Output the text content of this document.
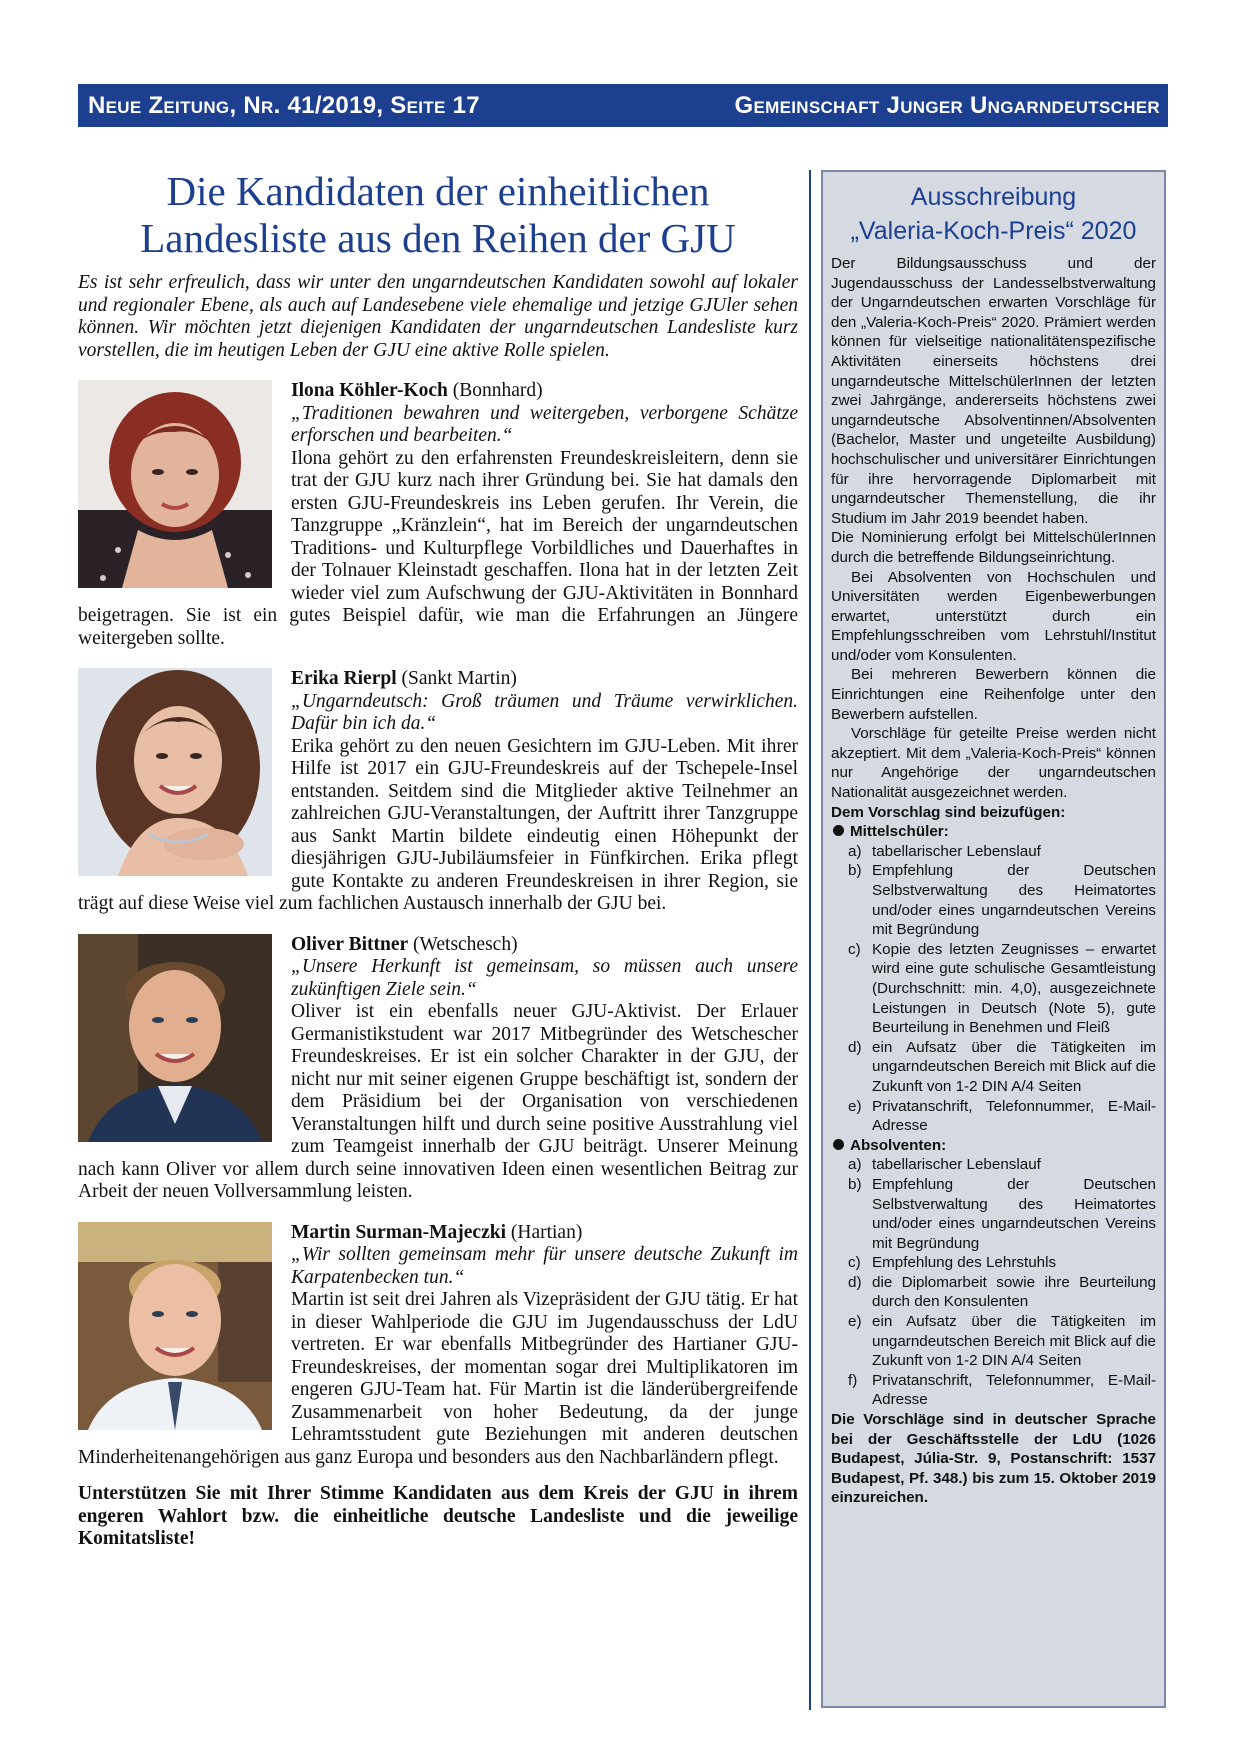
Neue Zeitung, Nr. 41/2019, Seite 17	Gemeinschaft Junger Ungarndeutscher
Die Kandidaten der einheitlichen
Landesliste aus den Reihen der GJU

Es ist sehr erfreulich, dass wir unter den ungarndeutschen Kandidaten sowohl auf lokaler und regionaler Ebene, als auch auf Landesebene viele ehemalige und jetzige GJUler sehen können. Wir möchten jetzt diejenigen Kandidaten der ungarndeutschen Landesliste kurz vorstellen, die im heutigen Leben der GJU eine aktive Rolle spielen.

Ilona Köhler-Koch (Bonnhard)
„Traditionen bewahren und weitergeben, verborgene Schätze erforschen und bearbeiten.“
Ilona gehört zu den erfahrensten Freundeskreisleitern, denn sie trat der GJU kurz nach ihrer Gründung bei. Sie hat damals den ersten GJU-Freundeskreis ins Leben gerufen. Ihr Verein, die Tanzgruppe „Kränzlein“, hat im Bereich der ungarndeutschen Traditions- und Kulturpflege Vorbildliches und Dauerhaftes in der Tolnauer Kleinstadt geschaffen. Ilona hat in der letzten Zeit wieder viel zum Aufschwung der GJU-Aktivitäten in Bonnhard beigetragen. Sie ist ein gutes Beispiel dafür, wie man die Erfahrungen an Jüngere weitergeben sollte.
Erika Rierpl (Sankt Martin)
„Ungarndeutsch: Groß träumen und Träume verwirklichen. Dafür bin ich da.“
Erika gehört zu den neuen Gesichtern im GJU-Leben. Mit ihrer Hilfe ist 2017 ein GJU-Freundeskreis auf der Tschepele-Insel entstanden. Seitdem sind die Mitglieder aktive Teilnehmer an zahlreichen GJU-Veranstaltungen, der Auftritt ihrer Tanzgruppe aus Sankt Martin bildete eindeutig einen Höhepunkt der diesjährigen GJU-Jubiläumsfeier in Fünfkirchen. Erika pflegt gute Kontakte zu anderen Freundeskreisen in ihrer Region, sie trägt auf diese Weise viel zum fachlichen Austausch innerhalb der GJU bei.
Oliver Bittner (Wetschesch)
„Unsere Herkunft ist gemeinsam, so müssen auch unsere zukünftigen Ziele sein.“
Oliver ist ein ebenfalls neuer GJU-Aktivist. Der Erlauer Germanistikstudent war 2017 Mitbegründer des Wetschescher Freundeskreises. Er ist ein solcher Charakter in der GJU, der nicht nur mit seiner eigenen Gruppe beschäftigt ist, sondern der dem Präsidium bei der Organisation von verschiedenen Veranstaltungen hilft und durch seine positive Ausstrahlung viel zum Teamgeist innerhalb der GJU beiträgt. Unserer Meinung nach kann Oliver vor allem durch seine innovativen Ideen einen wesentlichen Beitrag zur Arbeit der neuen Vollversammlung leisten.
Martin Surman-Majeczki (Hartian)
„Wir sollten gemeinsam mehr für unsere deutsche Zukunft im Karpatenbecken tun.“
Martin ist seit drei Jahren als Vizepräsident der GJU tätig. Er hat in dieser Wahlperiode die GJU im Jugendausschuss der LdU vertreten. Er war ebenfalls Mitbegründer des Hartianer GJU-Freundeskreises, der momentan sogar drei Multiplikatoren im engeren GJU-Team hat. Für Martin ist die länderübergreifende Zusammenarbeit von hoher Bedeutung, da der junge Lehramtsstudent gute Beziehungen mit anderen deutschen Minderheitenangehörigen aus ganz Europa und besonders aus den Nachbarländern pflegt.

Unterstützen Sie mit Ihrer Stimme Kandidaten aus dem Kreis der GJU in ihrem engeren Wahlort bzw. die einheitliche deutsche Landesliste und die jeweilige Komitatsliste!

Ausschreibung
„Valeria-Koch-Preis“ 2020

Der Bildungsausschuss und der Jugendausschuss der Landesselbstverwaltung der Ungarndeutschen erwarten Vorschläge für den „Valeria-Koch-Preis“ 2020. Prämiert werden können für vielseitige nationalitätenspezifische Aktivitäten einerseits höchstens drei ungarndeutsche MittelschülerInnen der letzten zwei Jahrgänge, andererseits höchstens zwei ungarndeutsche Absolventinnen/Absolventen (Bachelor, Master und ungeteilte Ausbildung) hochschulischer und universitärer Einrichtungen für ihre hervorragende Diplomarbeit mit ungarndeutscher Themenstellung, die ihr Studium im Jahr 2019 beendet haben.

Die Nominierung erfolgt bei MittelschülerInnen durch die betreffende Bildungseinrichtung.

Bei Absolventen von Hochschulen und Universitäten werden Eigenbewerbungen erwartet, unterstützt durch ein Empfehlungsschreiben vom Lehrstuhl/Institut und/oder vom Konsulenten.

Bei mehreren Bewerbern können die Einrichtungen eine Reihenfolge unter den Bewerbern aufstellen.

Vorschläge für geteilte Preise werden nicht akzeptiert. Mit dem „Valeria-Koch-Preis“ können nur Angehörige der ungarndeutschen Nationalität ausgezeichnet werden.

Dem Vorschlag sind beizufügen:

Mittelschüler:

a) tabellarischer Lebenslauf
b) Empfehlung der Deutschen Selbstverwaltung des Heimatortes und/oder eines ungarndeutschen Vereins mit Begründung
c) Kopie des letzten Zeugnisses – erwartet wird eine gute schulische Gesamtleistung (Durchschnitt: min. 4,0), ausgezeichnete Leistungen in Deutsch (Note 5), gute Beurteilung in Benehmen und Fleiß
d) ein Aufsatz über die Tätigkeiten im ungarndeutschen Bereich mit Blick auf die Zukunft von 1-2 DIN A/4 Seiten
e) Privatanschrift, Telefonnummer, E-Mail-Adresse

Absolventen:

a) tabellarischer Lebenslauf
b) Empfehlung der Deutschen Selbstverwaltung des Heimatortes und/oder eines ungarndeutschen Vereins mit Begründung
c) Empfehlung des Lehrstuhls
d) die Diplomarbeit sowie ihre Beurteilung durch den Konsulenten
e) ein Aufsatz über die Tätigkeiten im ungarndeutschen Bereich mit Blick auf die Zukunft von 1-2 DIN A/4 Seiten
f) Privatanschrift, Telefonnummer, E-Mail-Adresse

Die Vorschläge sind in deutscher Sprache bei der Geschäftsstelle der LdU (1026 Budapest, Júlia-Str. 9, Postanschrift: 1537 Budapest, Pf. 348.) bis zum 15. Oktober 2019 einzureichen.
